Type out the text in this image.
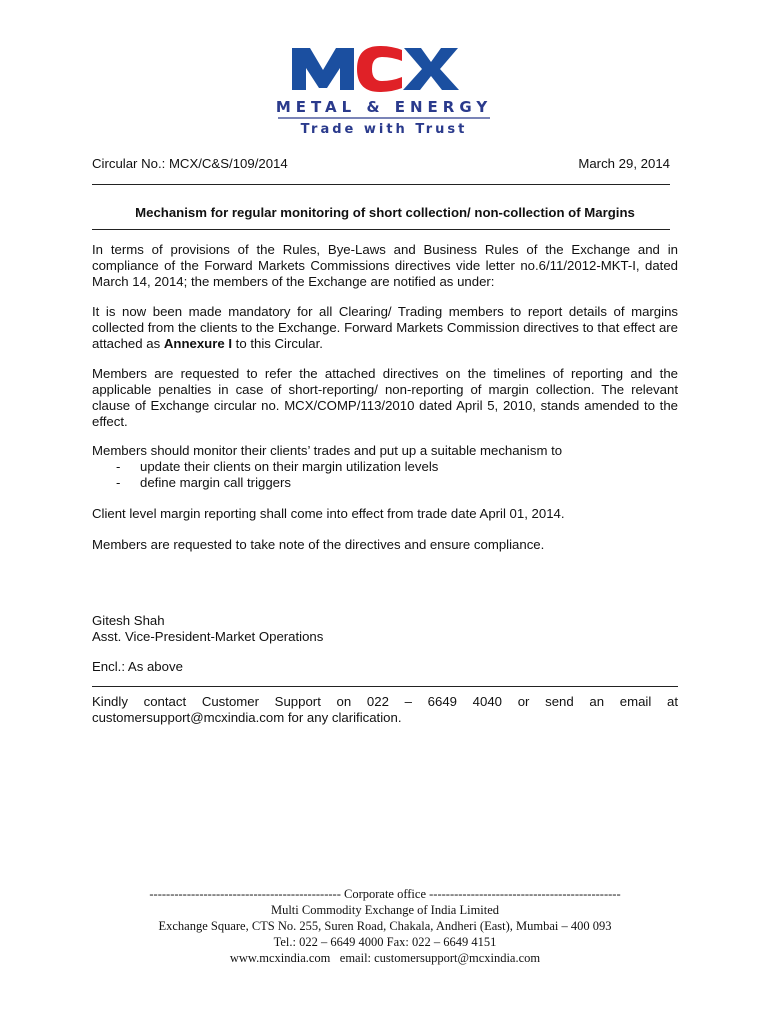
METAL & ENERGY
Trade with Trust
Circular No.: MCX/C&S/109/2014	March 29, 2014
Mechanism for regular monitoring of short collection/ non-collection of Margins

In terms of provisions of the Rules, Bye-Laws and Business Rules of the Exchange and in compliance of the Forward Markets Commissions directives vide letter no.6/11/2012-MKT-I, dated March 14, 2014; the members of the Exchange are notified as under:

It is now been made mandatory for all Clearing/ Trading members to report details of margins collected from the clients to the Exchange. Forward Markets Commission directives to that effect are attached as Annexure I to this Circular.

Members are requested to refer the attached directives on the timelines of reporting and the applicable penalties in case of short-reporting/ non-reporting of margin collection. The relevant clause of Exchange circular no. MCX/COMP/113/2010 dated April 5, 2010, stands amended to the effect.

Members should monitor their clients’ trades and put up a suitable mechanism to

-	update their clients on their margin utilization levels
-	define margin call triggers

Client level margin reporting shall come into effect from trade date April 01, 2014.

Members are requested to take note of the directives and ensure compliance.

Gitesh Shah

Asst. Vice-President-Market Operations

Encl.: As above

Kindly contact Customer Support on 022 – 6649 4040 or send an email at customersupport@mcxindia.com for any clarification.

---------------------------------------------- Corporate office ----------------------------------------------
Multi Commodity Exchange of India Limited
Exchange Square, CTS No. 255, Suren Road, Chakala, Andheri (East), Mumbai – 400 093
Tel.: 022 – 6649 4000 Fax: 022 – 6649 4151
www.mcxindia.com   email: customersupport@mcxindia.com
